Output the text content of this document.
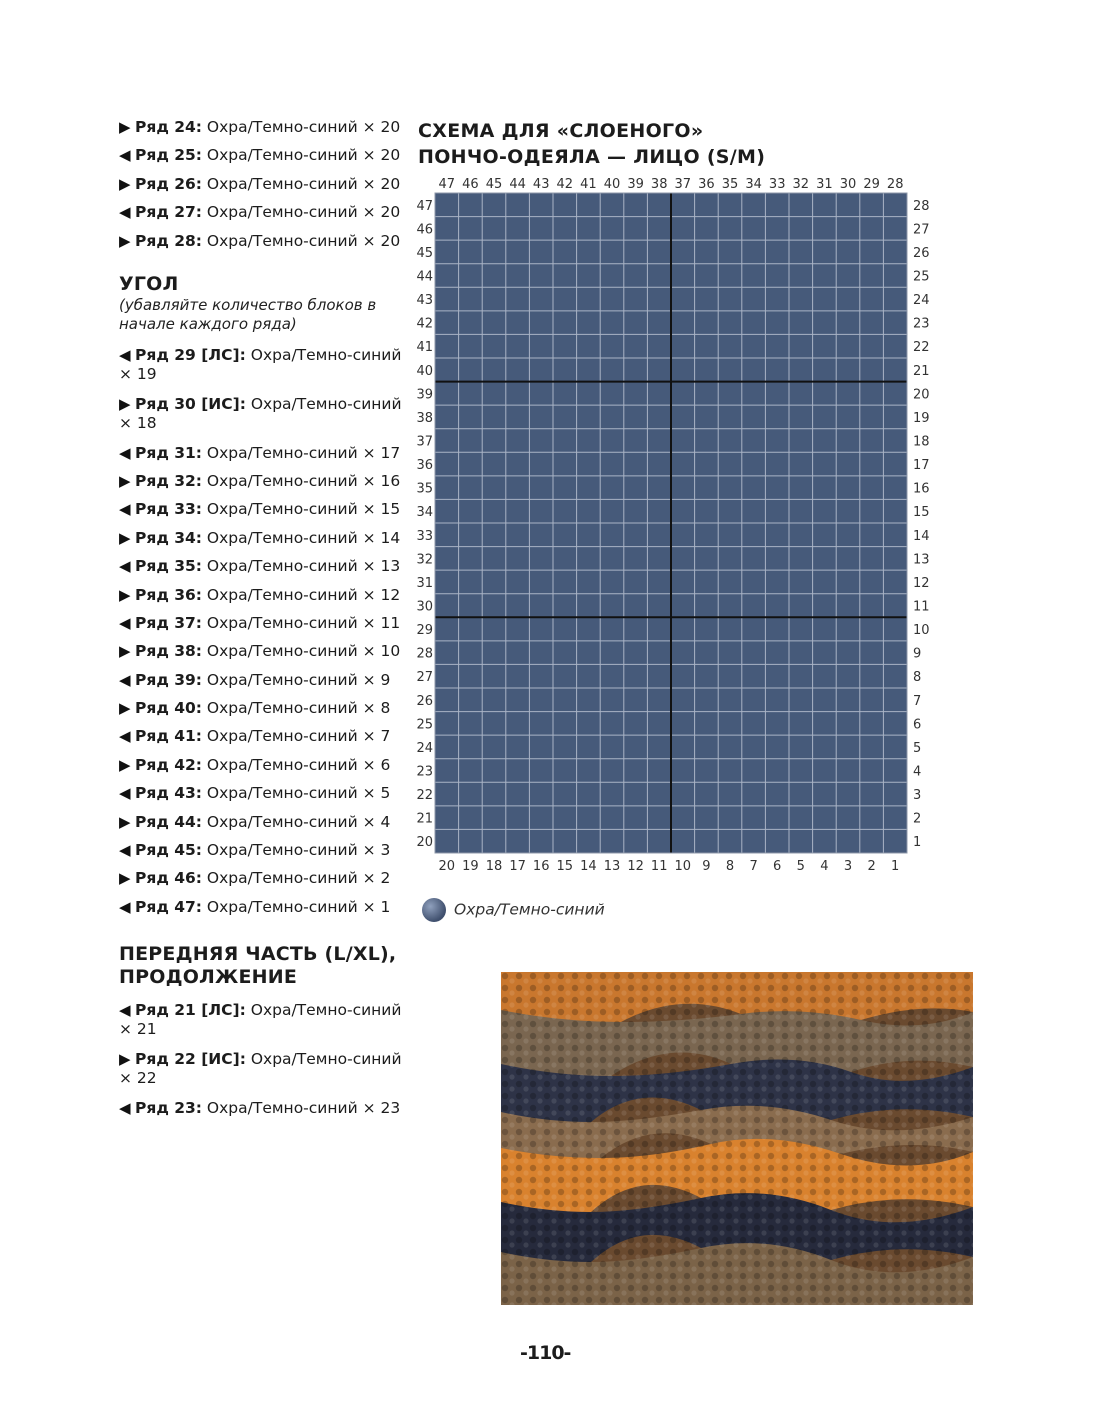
▶ Ряд 24: Охра/Темно-синий × 20
◀ Ряд 25: Охра/Темно-синий × 20
▶ Ряд 26: Охра/Темно-синий × 20
◀ Ряд 27: Охра/Темно-синий × 20
▶ Ряд 28: Охра/Темно-синий × 20
УГОЛ
(убавляйте количество блоков в начале каждого ряда)
◀ Ряд 29 [ЛС]: Охра/Темно-синий × 19
▶ Ряд 30 [ИС]: Охра/Темно-синий × 18
◀ Ряд 31: Охра/Темно-синий × 17
▶ Ряд 32: Охра/Темно-синий × 16
◀ Ряд 33: Охра/Темно-синий × 15
▶ Ряд 34: Охра/Темно-синий × 14
◀ Ряд 35: Охра/Темно-синий × 13
▶ Ряд 36: Охра/Темно-синий × 12
◀ Ряд 37: Охра/Темно-синий × 11
▶ Ряд 38: Охра/Темно-синий × 10
◀ Ряд 39: Охра/Темно-синий × 9
▶ Ряд 40: Охра/Темно-синий × 8
◀ Ряд 41: Охра/Темно-синий × 7
▶ Ряд 42: Охра/Темно-синий × 6
◀ Ряд 43: Охра/Темно-синий × 5
▶ Ряд 44: Охра/Темно-синий × 4
◀ Ряд 45: Охра/Темно-синий × 3
▶ Ряд 46: Охра/Темно-синий × 2
◀ Ряд 47: Охра/Темно-синий × 1
ПЕРЕДНЯЯ ЧАСТЬ (L/XL),
ПРОДОЛЖЕНИЕ
◀ Ряд 21 [ЛС]: Охра/Темно-синий × 21
▶ Ряд 22 [ИС]: Охра/Темно-синий × 22
◀ Ряд 23: Охра/Темно-синий × 23
СХЕМА ДЛЯ «СЛОЕНОГО»
ПОНЧО-ОДЕЯЛА — ЛИЦО (S/M)
47 46 45 44 43 42 41 40 39 38 37 36 35 34 33 32 31 30 29 28
20 19 18 17 16 15 14 13 12 11 10 9 8 7 6 5 4 3 2 1
47
46
45
44
43
42
41
40
39
38
37
36
35
34
33
32
31
30
29
28
27
26
25
24
23
22
21
20
28
27
26
25
24
23
22
21
20
19
18
17
16
15
14
13
12
11
10
9
8
7
6
5
4
3
2
1
Охра/Темно-синий
-110-
